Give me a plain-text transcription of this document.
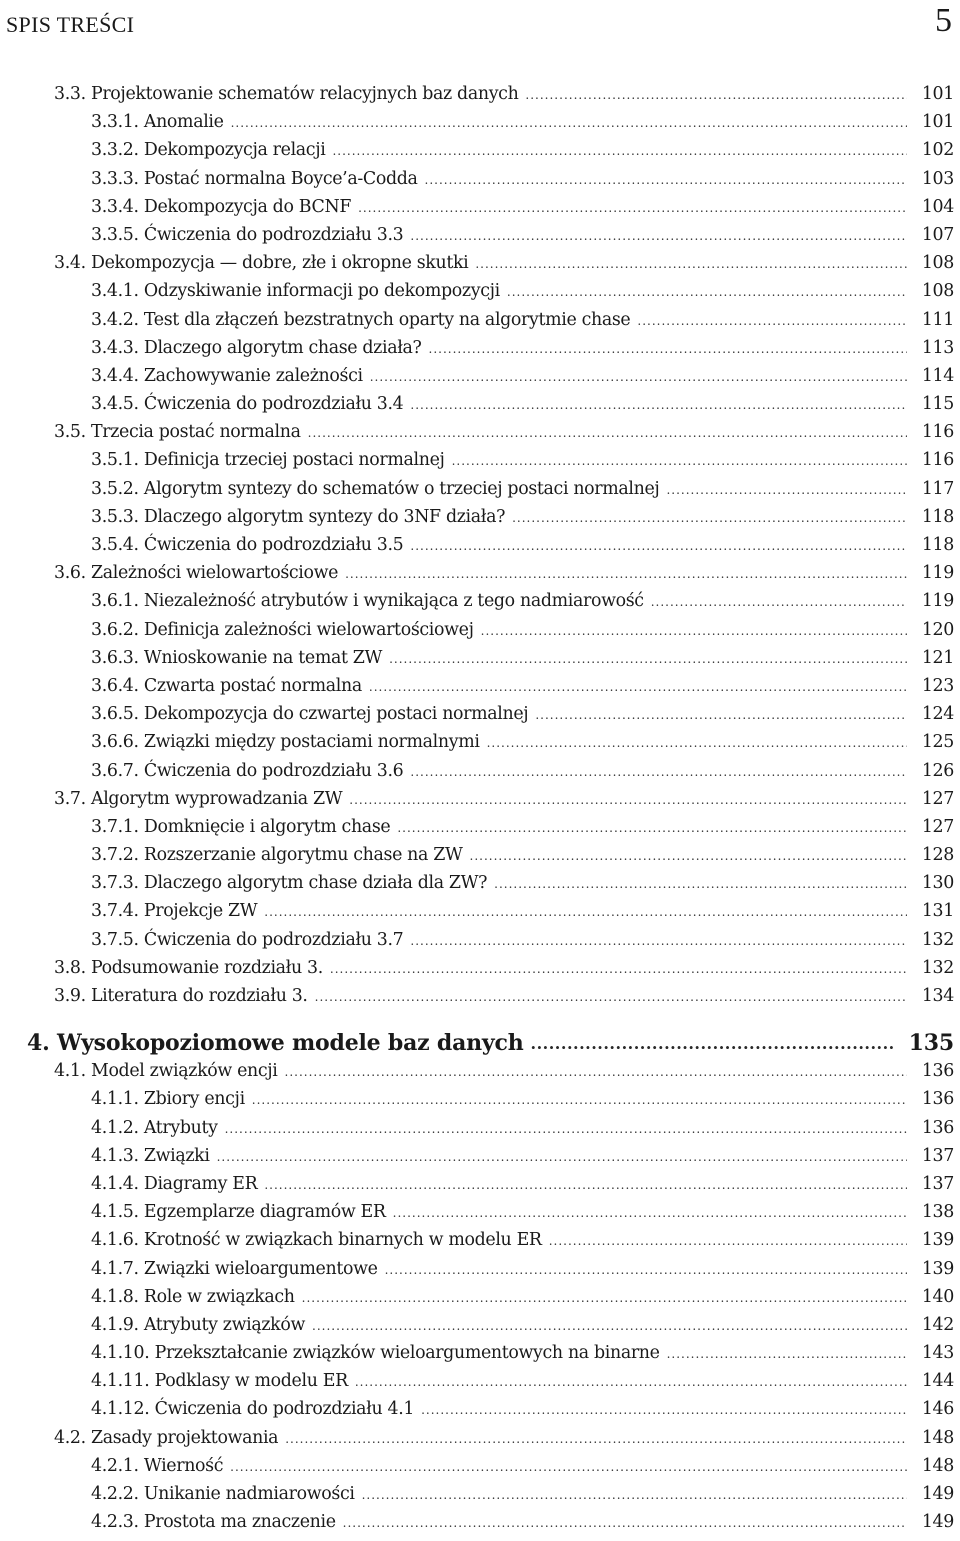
SPIS TREŚCI	5
3.3. Projektowanie schematów relacyjnych baz danych .....	101
3.3.1. Anomalie .....	101
3.3.2. Dekompozycja relacji .....	102
3.3.3. Postać normalna Boyce’a-Codda .....	103
3.3.4. Dekompozycja do BCNF .....	104
3.3.5. Ćwiczenia do podrozdziału 3.3 .....	107
3.4. Dekompozycja — dobre, złe i okropne skutki .....	108
3.4.1. Odzyskiwanie informacji po dekompozycji .....	108
3.4.2. Test dla złączeń bezstratnych oparty na algorytmie chase .....	111
3.4.3. Dlaczego algorytm chase działa? .....	113
3.4.4. Zachowywanie zależności .....	114
3.4.5. Ćwiczenia do podrozdziału 3.4 .....	115
3.5. Trzecia postać normalna .....	116
3.5.1. Definicja trzeciej postaci normalnej .....	116
3.5.2. Algorytm syntezy do schematów o trzeciej postaci normalnej .....	117
3.5.3. Dlaczego algorytm syntezy do 3NF działa? .....	118
3.5.4. Ćwiczenia do podrozdziału 3.5 .....	118
3.6. Zależności wielowartościowe .....	119
3.6.1. Niezależność atrybutów i wynikająca z tego nadmiarowość .....	119
3.6.2. Definicja zależności wielowartościowej .....	120
3.6.3. Wnioskowanie na temat ZW .....	121
3.6.4. Czwarta postać normalna .....	123
3.6.5. Dekompozycja do czwartej postaci normalnej .....	124
3.6.6. Związki między postaciami normalnymi .....	125
3.6.7. Ćwiczenia do podrozdziału 3.6 .....	126
3.7. Algorytm wyprowadzania ZW .....	127
3.7.1. Domknięcie i algorytm chase .....	127
3.7.2. Rozszerzanie algorytmu chase na ZW .....	128
3.7.3. Dlaczego algorytm chase działa dla ZW? .....	130
3.7.4. Projekcje ZW .....	131
3.7.5. Ćwiczenia do podrozdziału 3.7 .....	132
3.8. Podsumowanie rozdziału 3. .....	132
3.9. Literatura do rozdziału 3. .....	134
4. Wysokopoziomowe modele baz danych .....	135
4.1. Model związków encji .....	136
4.1.1. Zbiory encji .....	136
4.1.2. Atrybuty .....	136
4.1.3. Związki .....	137
4.1.4. Diagramy ER .....	137
4.1.5. Egzemplarze diagramów ER .....	138
4.1.6. Krotność w związkach binarnych w modelu ER .....	139
4.1.7. Związki wieloargumentowe .....	139
4.1.8. Role w związkach .....	140
4.1.9. Atrybuty związków .....	142
4.1.10. Przekształcanie związków wieloargumentowych na binarne .....	143
4.1.11. Podklasy w modelu ER .....	144
4.1.12. Ćwiczenia do podrozdziału 4.1 .....	146
4.2. Zasady projektowania .....	148
4.2.1. Wierność .....	148
4.2.2. Unikanie nadmiarowości .....	149
4.2.3. Prostota ma znaczenie .....	149
